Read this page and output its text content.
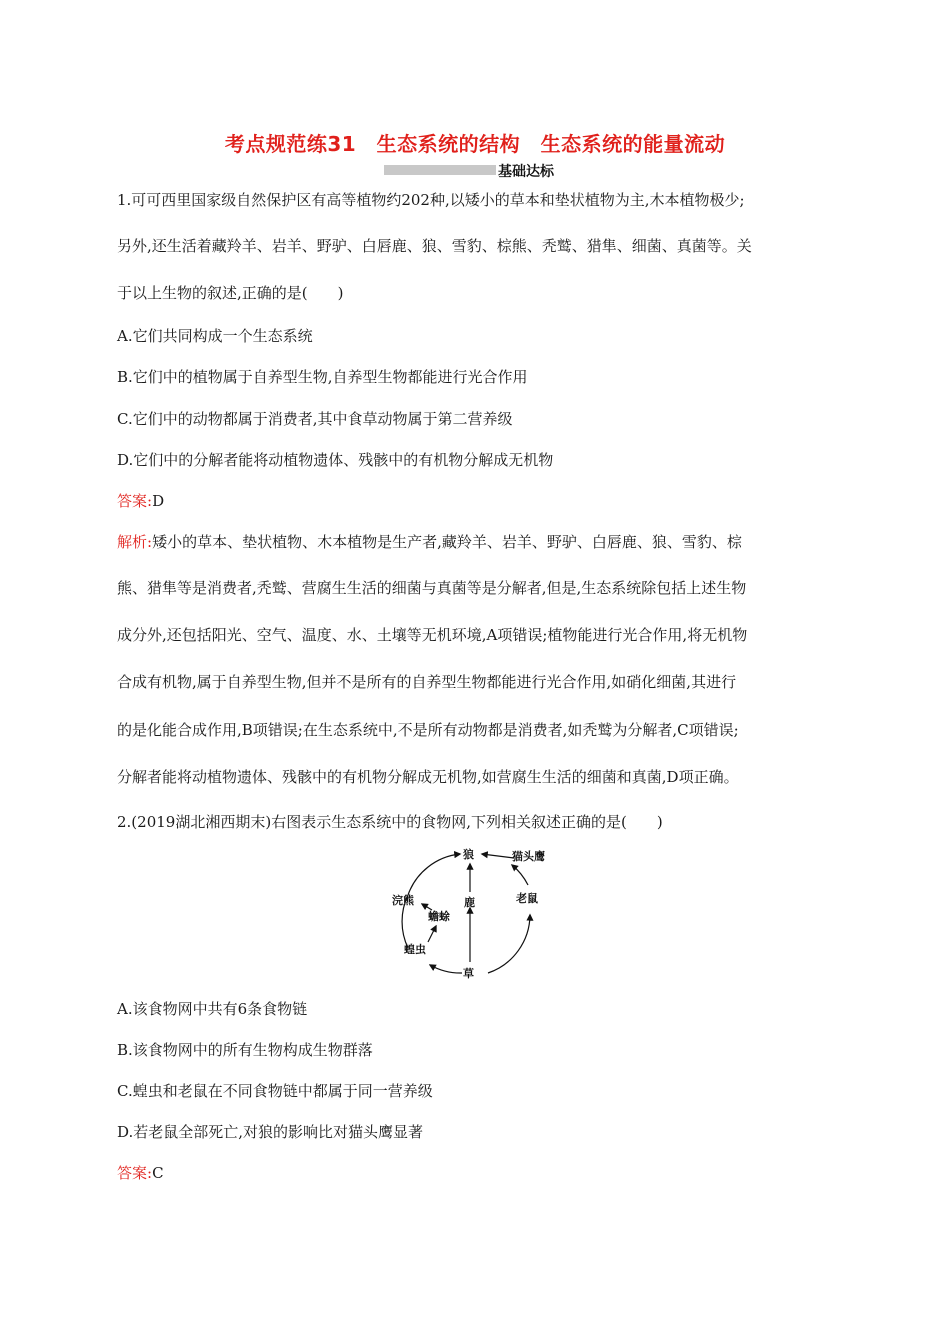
考点规范练31　生态系统的结构　生态系统的能量流动
基础达标
1.可可西里国家级自然保护区有高等植物约202种,以矮小的草本和垫状植物为主,木本植物极少;
另外,还生活着藏羚羊、岩羊、野驴、白唇鹿、狼、雪豹、棕熊、秃鹫、猎隼、细菌、真菌等。关
于以上生物的叙述,正确的是(　　)
A.它们共同构成一个生态系统
B.它们中的植物属于自养型生物,自养型生物都能进行光合作用
C.它们中的动物都属于消费者,其中食草动物属于第二营养级
D.它们中的分解者能将动植物遗体、残骸中的有机物分解成无机物
答案:D
解析:矮小的草本、垫状植物、木本植物是生产者,藏羚羊、岩羊、野驴、白唇鹿、狼、雪豹、棕
熊、猎隼等是消费者,秃鹫、营腐生生活的细菌与真菌等是分解者,但是,生态系统除包括上述生物
成分外,还包括阳光、空气、温度、水、土壤等无机环境,A项错误;植物能进行光合作用,将无机物
合成有机物,属于自养型生物,但并不是所有的自养型生物都能进行光合作用,如硝化细菌,其进行
的是化能合成作用,B项错误;在生态系统中,不是所有动物都是消费者,如秃鹫为分解者,C项错误;
分解者能将动植物遗体、残骸中的有机物分解成无机物,如营腐生生活的细菌和真菌,D项正确。
2.(2019湖北湘西期末)右图表示生态系统中的食物网,下列相关叙述正确的是(　　)
狼	猫头鹰
浣熊
蟾蜍
鹿	老鼠
蝗虫
草
A.该食物网中共有6条食物链
B.该食物网中的所有生物构成生物群落
C.蝗虫和老鼠在不同食物链中都属于同一营养级
D.若老鼠全部死亡,对狼的影响比对猫头鹰显著
答案:C
